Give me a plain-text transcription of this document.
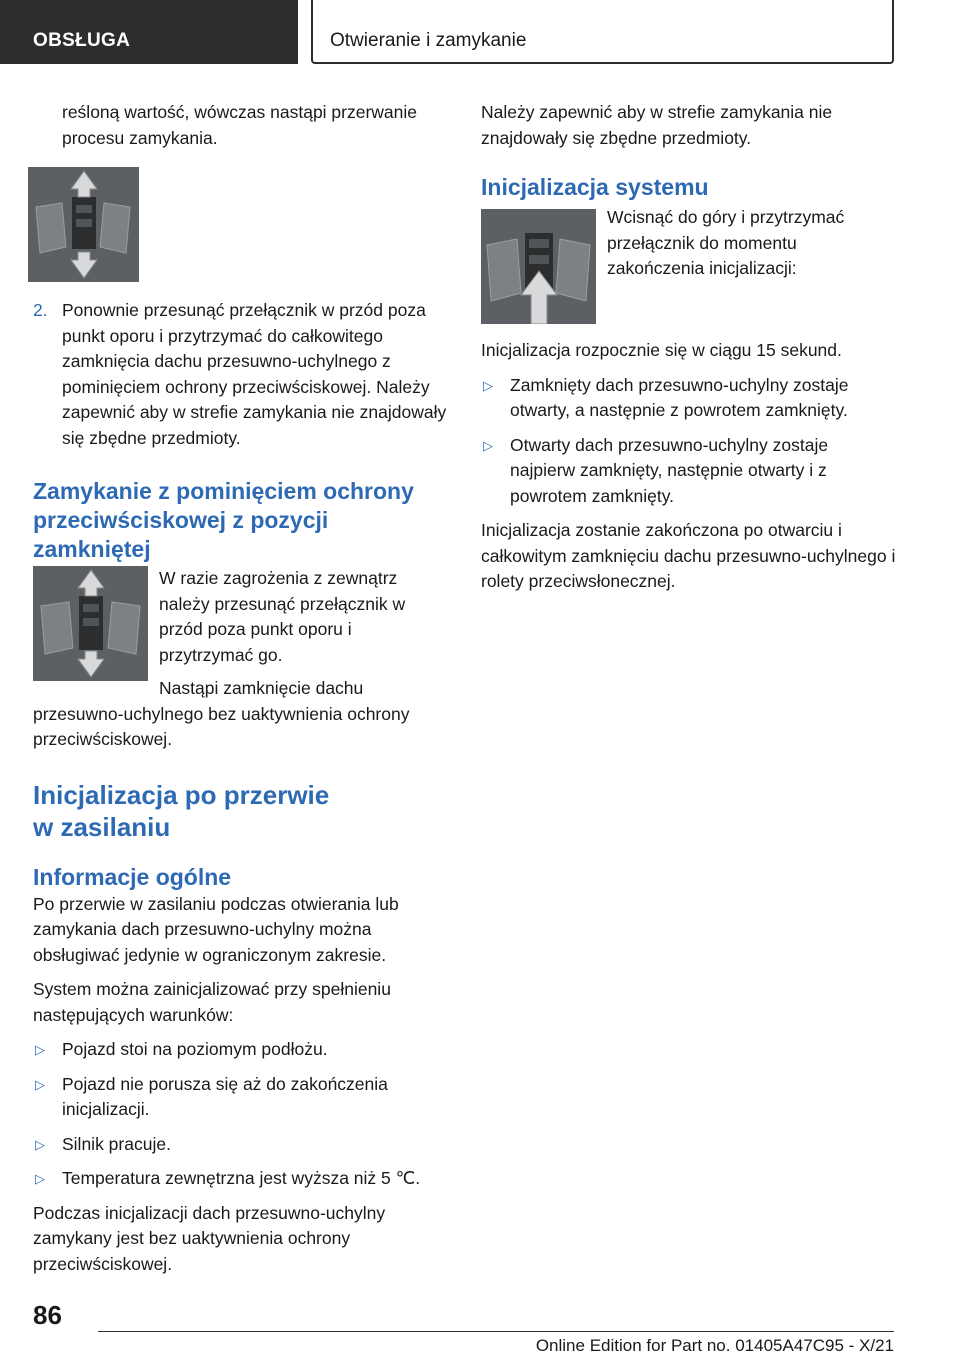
OBSŁUGA	Otwieranie i zamykanie

reśloną wartość, wówczas nastąpi przerwanie procesu zamykania.

2. Ponownie przesunąć przełącznik w przód poza punkt oporu i przytrzymać do całkowitego zamknięcia dachu przesuwno-uchylnego z pominięciem ochrony przeciwściskowej. Należy zapewnić aby w strefie zamykania nie znajdowały się zbędne przedmioty.
Zamykanie z pominięciem ochrony przeciwściskowej z pozycji zamkniętej
W razie zagrożenia z zewnątrz należy przesunąć przełącznik w przód poza punkt oporu i przytrzymać go.

Nastąpi zamknięcie dachu przesuwno-uchylnego bez uaktywnienia ochrony przeciwściskowej.

Inicjalizacja po przerwie w zasilaniu
Informacje ogólne

Po przerwie w zasilaniu podczas otwierania lub zamykania dach przesuwno-uchylny można obsługiwać jedynie w ograniczonym zakresie.

System można zainicjalizować przy spełnieniu następujących warunków:

▷ Pojazd stoi na poziomym podłożu.
▷ Pojazd nie porusza się aż do zakończenia inicjalizacji.
▷ Silnik pracuje.
▷ Temperatura zewnętrzna jest wyższa niż 5 ℃.

Podczas inicjalizacji dach przesuwno-uchylny zamykany jest bez uaktywnienia ochrony przeciwściskowej.

Należy zapewnić aby w strefie zamykania nie znajdowały się zbędne przedmioty.

Inicjalizacja systemu
Wcisnąć do góry i przytrzymać przełącznik do momentu zakończenia inicjalizacji:

Inicjalizacja rozpocznie się w ciągu 15 sekund.

▷ Zamknięty dach przesuwno-uchylny zostaje otwarty, a następnie z powrotem zamknięty.
▷ Otwarty dach przesuwno-uchylny zostaje najpierw zamknięty, następnie otwarty i z powrotem zamknięty.

Inicjalizacja zostanie zakończona po otwarciu i całkowitym zamknięciu dachu przesuwno-uchylnego i rolety przeciwsłonecznej.

86
Online Edition for Part no. 01405A47C95 - X/21
